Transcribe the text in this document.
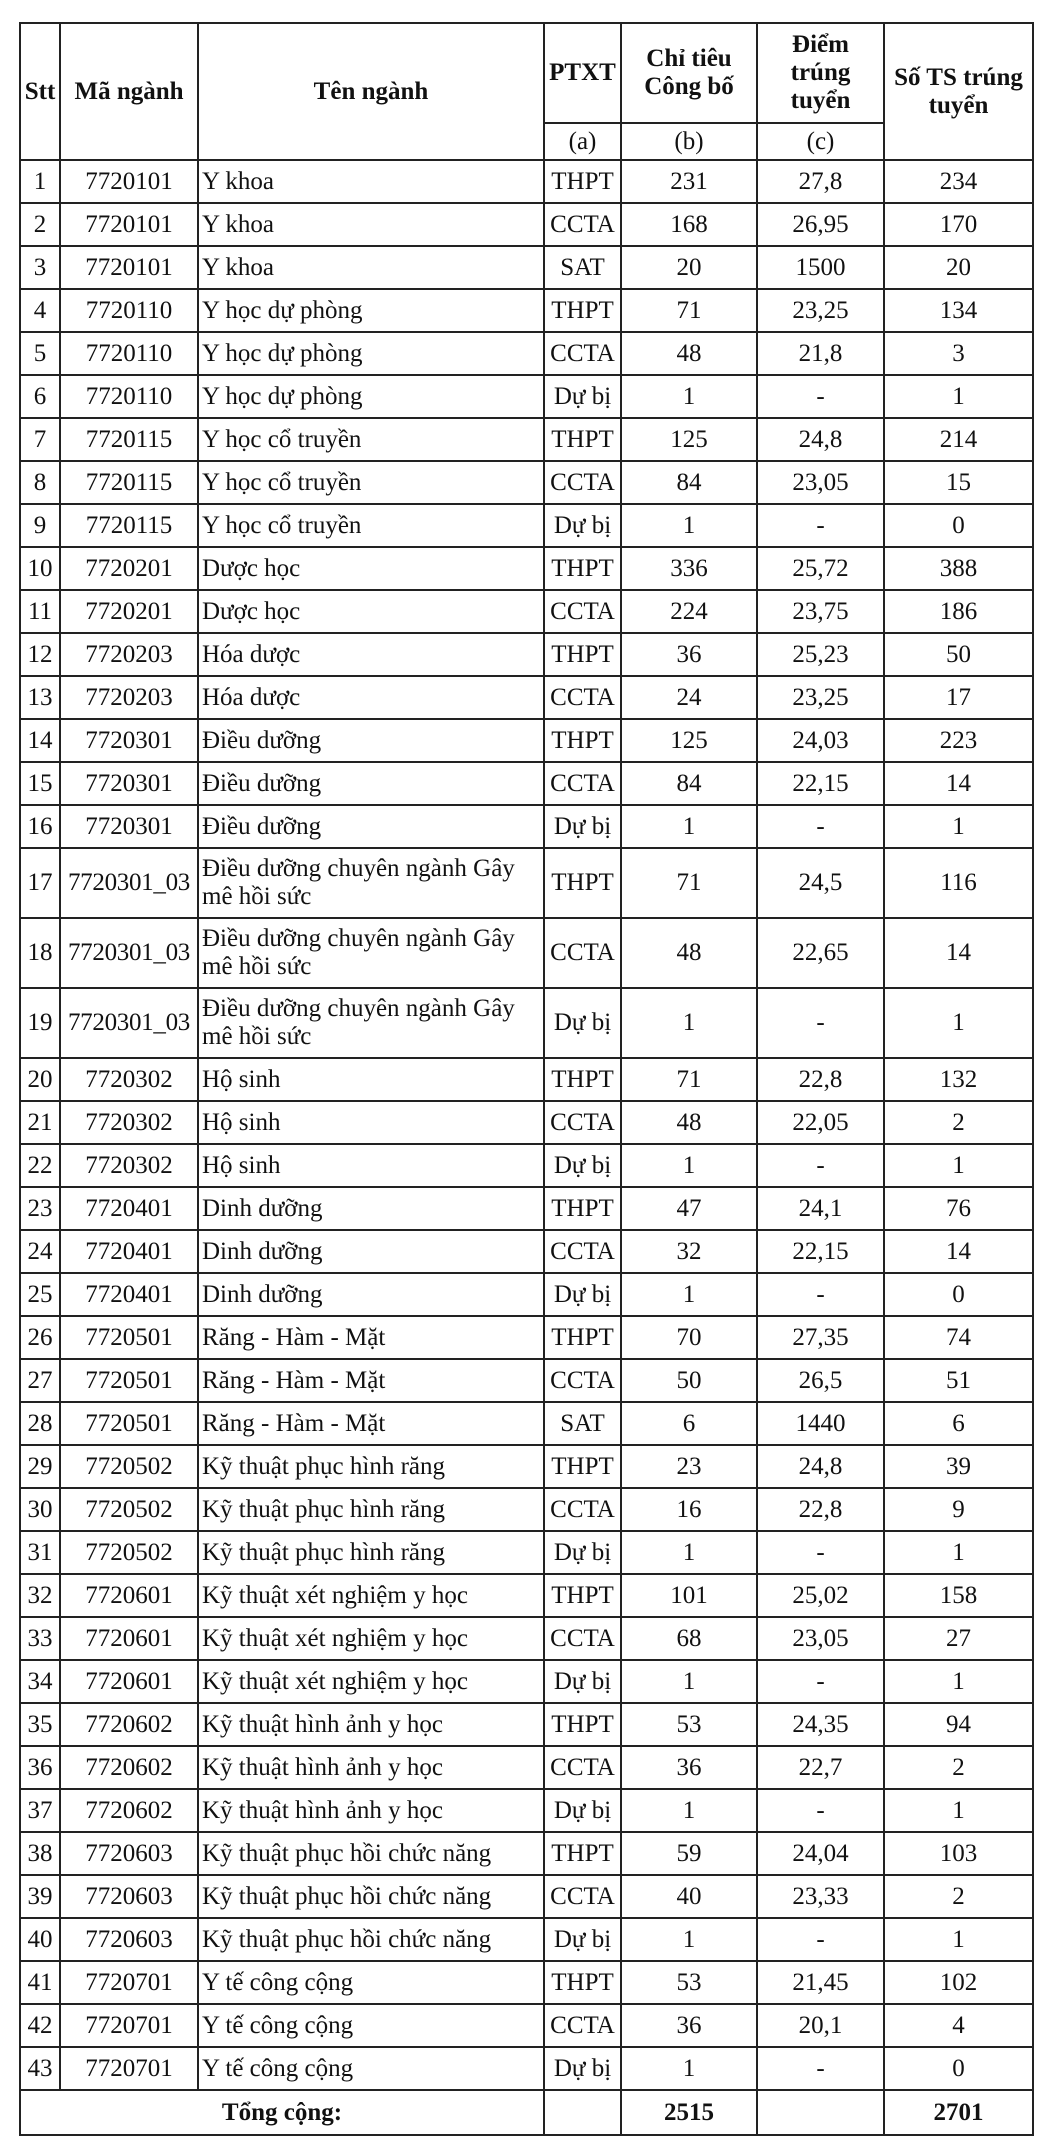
Stt	Mã ngành	Tên ngành	PTXT	Chỉ tiêu Công bố	Điểm trúng tuyển	Số TS trúng tuyển
			(a)	(b)	(c)	
1	7720101	Y khoa	THPT	231	27,8	234
2	7720101	Y khoa	CCTA	168	26,95	170
3	7720101	Y khoa	SAT	20	1500	20
4	7720110	Y học dự phòng	THPT	71	23,25	134
5	7720110	Y học dự phòng	CCTA	48	21,8	3
6	7720110	Y học dự phòng	Dự bị	1	-	1
7	7720115	Y học cổ truyền	THPT	125	24,8	214
8	7720115	Y học cổ truyền	CCTA	84	23,05	15
9	7720115	Y học cổ truyền	Dự bị	1	-	0
10	7720201	Dược học	THPT	336	25,72	388
11	7720201	Dược học	CCTA	224	23,75	186
12	7720203	Hóa dược	THPT	36	25,23	50
13	7720203	Hóa dược	CCTA	24	23,25	17
14	7720301	Điều dưỡng	THPT	125	24,03	223
15	7720301	Điều dưỡng	CCTA	84	22,15	14
16	7720301	Điều dưỡng	Dự bị	1	-	1
17	7720301_03	Điều dưỡng chuyên ngành Gây mê hồi sức	THPT	71	24,5	116
18	7720301_03	Điều dưỡng chuyên ngành Gây mê hồi sức	CCTA	48	22,65	14
19	7720301_03	Điều dưỡng chuyên ngành Gây mê hồi sức	Dự bị	1	-	1
20	7720302	Hộ sinh	THPT	71	22,8	132
21	7720302	Hộ sinh	CCTA	48	22,05	2
22	7720302	Hộ sinh	Dự bị	1	-	1
23	7720401	Dinh dưỡng	THPT	47	24,1	76
24	7720401	Dinh dưỡng	CCTA	32	22,15	14
25	7720401	Dinh dưỡng	Dự bị	1	-	0
26	7720501	Răng - Hàm - Mặt	THPT	70	27,35	74
27	7720501	Răng - Hàm - Mặt	CCTA	50	26,5	51
28	7720501	Răng - Hàm - Mặt	SAT	6	1440	6
29	7720502	Kỹ thuật phục hình răng	THPT	23	24,8	39
30	7720502	Kỹ thuật phục hình răng	CCTA	16	22,8	9
31	7720502	Kỹ thuật phục hình răng	Dự bị	1	-	1
32	7720601	Kỹ thuật xét nghiệm y học	THPT	101	25,02	158
33	7720601	Kỹ thuật xét nghiệm y học	CCTA	68	23,05	27
34	7720601	Kỹ thuật xét nghiệm y học	Dự bị	1	-	1
35	7720602	Kỹ thuật hình ảnh y học	THPT	53	24,35	94
36	7720602	Kỹ thuật hình ảnh y học	CCTA	36	22,7	2
37	7720602	Kỹ thuật hình ảnh y học	Dự bị	1	-	1
38	7720603	Kỹ thuật phục hồi chức năng	THPT	59	24,04	103
39	7720603	Kỹ thuật phục hồi chức năng	CCTA	40	23,33	2
40	7720603	Kỹ thuật phục hồi chức năng	Dự bị	1	-	1
41	7720701	Y tế công cộng	THPT	53	21,45	102
42	7720701	Y tế công cộng	CCTA	36	20,1	4
43	7720701	Y tế công cộng	Dự bị	1	-	0
Tổng cộng:				2515		2701
